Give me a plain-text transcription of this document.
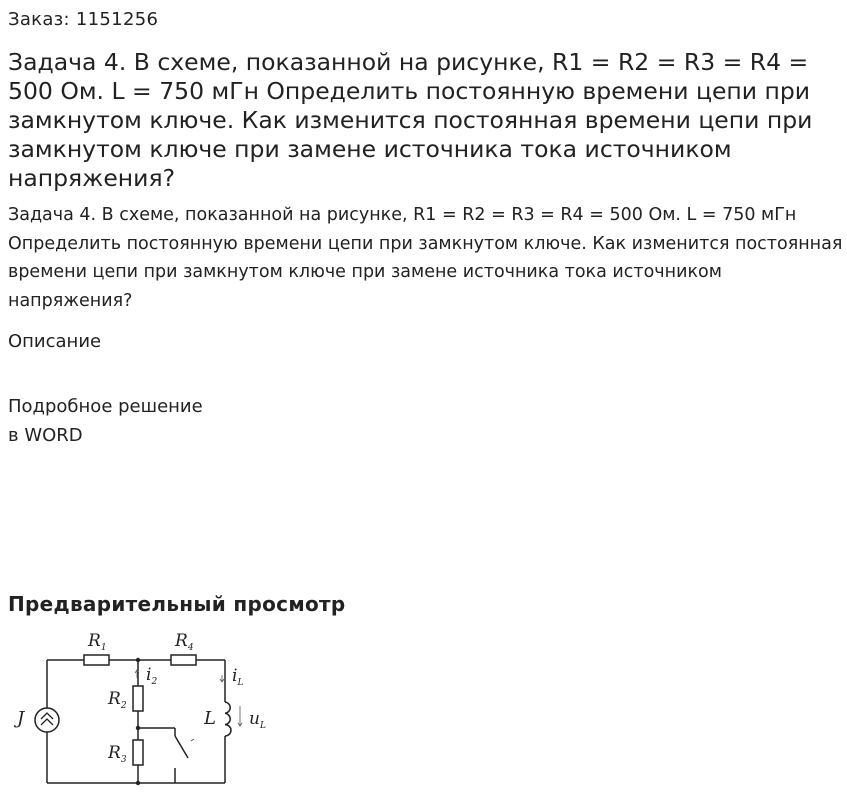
Заказ: 1151256
Задача 4. В схеме, показанной на рисунке, R1 = R2 = R3 = R4 = 500 Ом. L = 750 мГн Определить постоянную времени цепи при замкнутом ключе. Как изменится постоянная времени цепи при замкнутом ключе при замене источника тока источником напряжения?

Задача 4. В схеме, показанной на рисунке, R1 = R2 = R3 = R4 = 500 Ом. L = 750 мГн Определить постоянную времени цепи при замкнутом ключе. Как изменится постоянная времени цепи при замкнутом ключе при замене источника тока источником напряжения?

Описание
Подробное решение
в WORD
Предварительный просмотр
$R_1$	$R_4$
$R_2$
$R_3$
$i_2$	$i_L$
$u_L$
L
J
